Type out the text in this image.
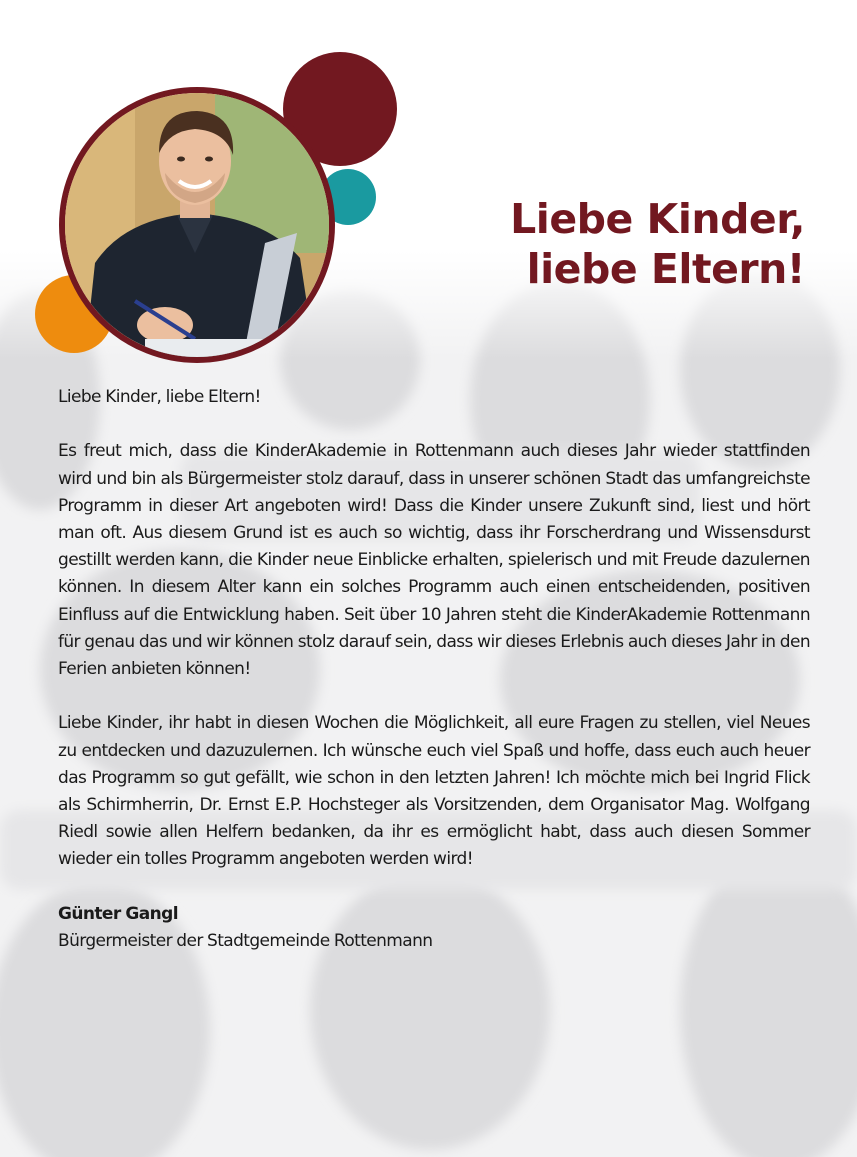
Liebe Kinder,
liebe Eltern!

Liebe Kinder, liebe Eltern!

Es freut mich, dass die KinderAkademie in Rottenmann auch dieses Jahr wieder stattfinden wird und bin als Bürgermeister stolz darauf, dass in unserer schönen Stadt das umfangreichste Programm in dieser Art angeboten wird! Dass die Kinder unsere Zukunft sind, liest und hört man oft. Aus diesem Grund ist es auch so wichtig, dass ihr Forscherdrang und Wissensdurst gestillt werden kann, die Kinder neue Einblicke erhalten, spielerisch und mit Freude dazulernen können. In diesem Alter kann ein solches Programm auch einen entscheidenden, positiven Einfluss auf die Entwicklung haben. Seit über 10 Jahren steht die KinderAkademie Rottenmann für genau das und wir können stolz darauf sein, dass wir dieses Erlebnis auch dieses Jahr in den Ferien anbieten können!

Liebe Kinder, ihr habt in diesen Wochen die Möglichkeit, all eure Fragen zu stellen, viel Neues zu entdecken und dazuzulernen. Ich wünsche euch viel Spaß und hoffe, dass euch auch heuer das Programm so gut gefällt, wie schon in den letzten Jahren! Ich möchte mich bei Ingrid Flick als Schirmherrin, Dr. Ernst E.P. Hochsteger als Vorsitzenden, dem Organisator Mag. Wolfgang Riedl sowie allen Helfern bedanken, da ihr es ermöglicht habt, dass auch diesen Sommer wieder ein tolles Programm angeboten werden wird!

Günter Gangl

Bürgermeister der Stadtgemeinde Rottenmann
